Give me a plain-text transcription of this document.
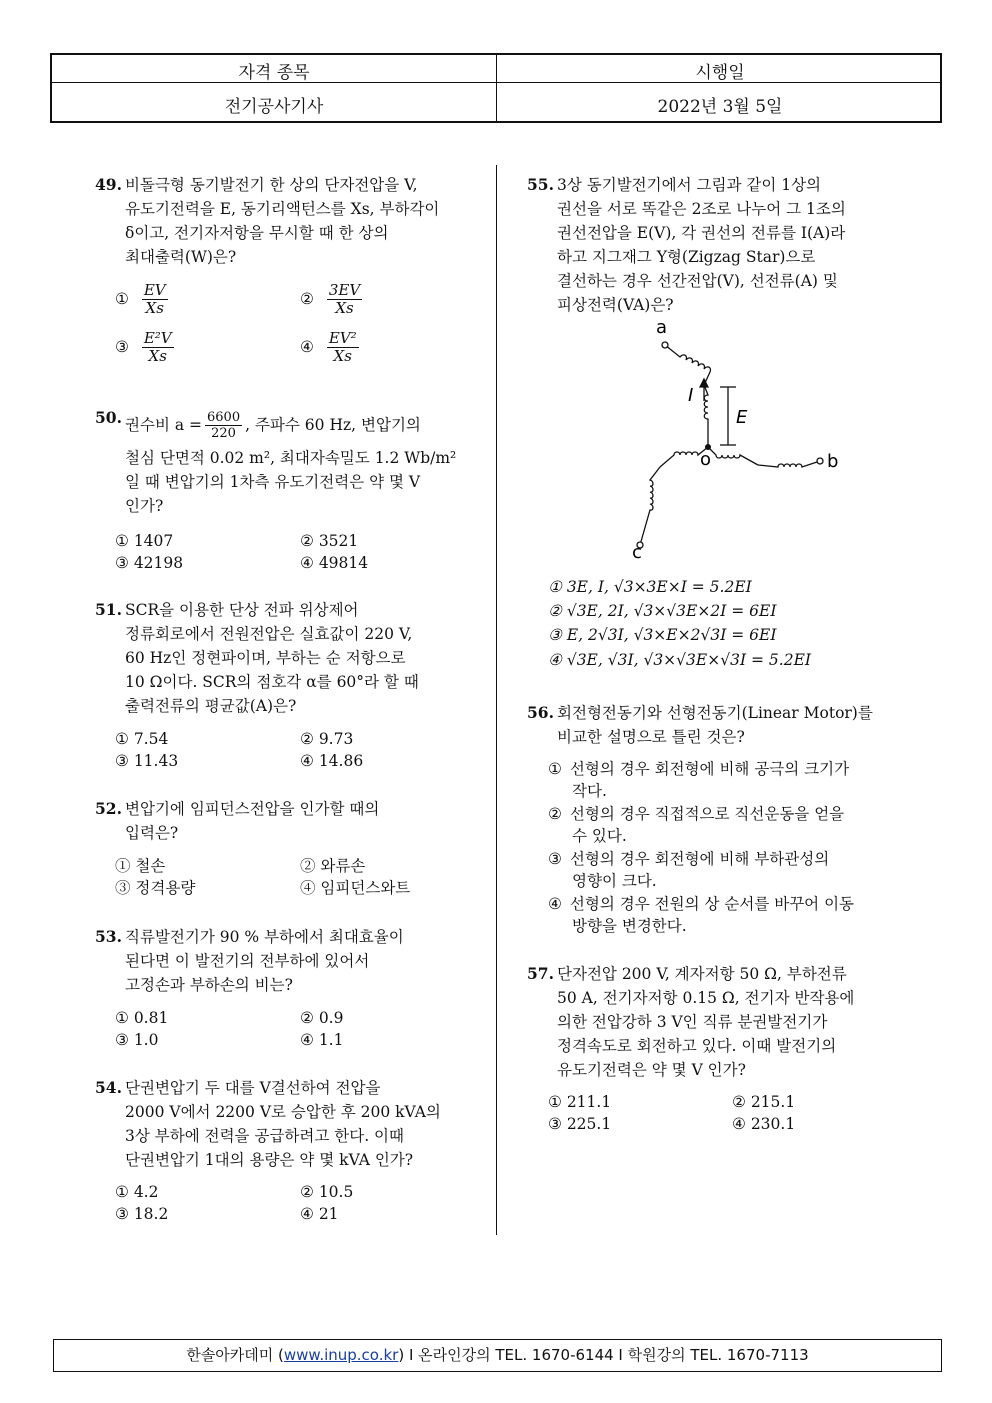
자격 종목	시행일
전기공사기사	2022년 3월 5일
49. 비돌극형 동기발전기 한 상의 단자전압을 V,
유도기전력을 E, 동기리액턴스를 Xs, 부하각이
δ이고, 전기자저항을 무시할 때 한 상의
최대출력(W)은?
① $\frac{EV}{Xs}$	② $\frac{3EV}{Xs}$
③ $\frac{\text{E²V}}{Xs}$	④ $\frac{\text{EV²}}{Xs}$
50. 권수비 $a = \frac{6600}{220}$ , 주파수 60 Hz, 변압기의
철심 단면적 0.02 m², 최대자속밀도 1.2 Wb/m²
일 때 변압기의 1차측 유도기전력은 약 몇 V
인가?
① 1407	② 3521
③ 42198	④ 49814
51. SCR을 이용한 단상 전파 위상제어
정류회로에서 전원전압은 실효값이 220 V,
60 Hz인 정현파이며, 부하는 순 저항으로
10 Ω이다. SCR의 점호각 α를 60°라 할 때
출력전류의 평균값(A)은?
① 7.54	② 9.73
③ 11.43	④ 14.86
52. 변압기에 임피던스전압을 인가할 때의
입력은?
① 철손	② 와류손
③ 정격용량	④ 임피던스와트
53. 직류발전기가 90 % 부하에서 최대효율이
된다면 이 발전기의 전부하에 있어서
고정손과 부하손의 비는?
① 0.81	② 0.9
③ 1.0	④ 1.1
54. 단권변압기 두 대를 V결선하여 전압을
2000 V에서 2200 V로 승압한 후 200 kVA의
3상 부하에 전력을 공급하려고 한다. 이때
단권변압기 1대의 용량은 약 몇 kVA 인가?
① 4.2	② 10.5
③ 18.2	④ 21
55. 3상 동기발전기에서 그림과 같이 1상의
권선을 서로 똑같은 2조로 나누어 그 1조의
권선전압을 E(V), 각 권선의 전류를 I(A)라
하고 지그재그 Y형(Zigzag Star)으로
결선하는 경우 선간전압(V), 선전류(A) 및
피상전력(VA)은?
a
b
c
o
I
E
① 3E, I, √3×3E×I = 5.2EI
② √3E, 2I, √3×√3E×2I = 6EI
③ E, 2√3I, √3×E×2√3I = 6EI
④ √3E, √3I, √3×√3E×√3I = 5.2EI
56. 회전형전동기와 선형전동기(Linear Motor)를
비교한 설명으로 틀린 것은?
① 선형의 경우 회전형에 비해 공극의 크기가
작다.
② 선형의 경우 직접적으로 직선운동을 얻을
수 있다.
③ 선형의 경우 회전형에 비해 부하관성의
영향이 크다.
④ 선형의 경우 전원의 상 순서를 바꾸어 이동
방향을 변경한다.
57. 단자전압 200 V, 계자저항 50 Ω, 부하전류
50 A, 전기자저항 0.15 Ω, 전기자 반작용에
의한 전압강하 3 V인 직류 분권발전기가
정격속도로 회전하고 있다. 이때 발전기의
유도기전력은 약 몇 V 인가?
① 211.1	② 215.1
③ 225.1	④ 230.1
한솔아카데미 (www.inup.co.kr) I 온라인강의 TEL. 1670-6144 I 학원강의 TEL. 1670-7113
